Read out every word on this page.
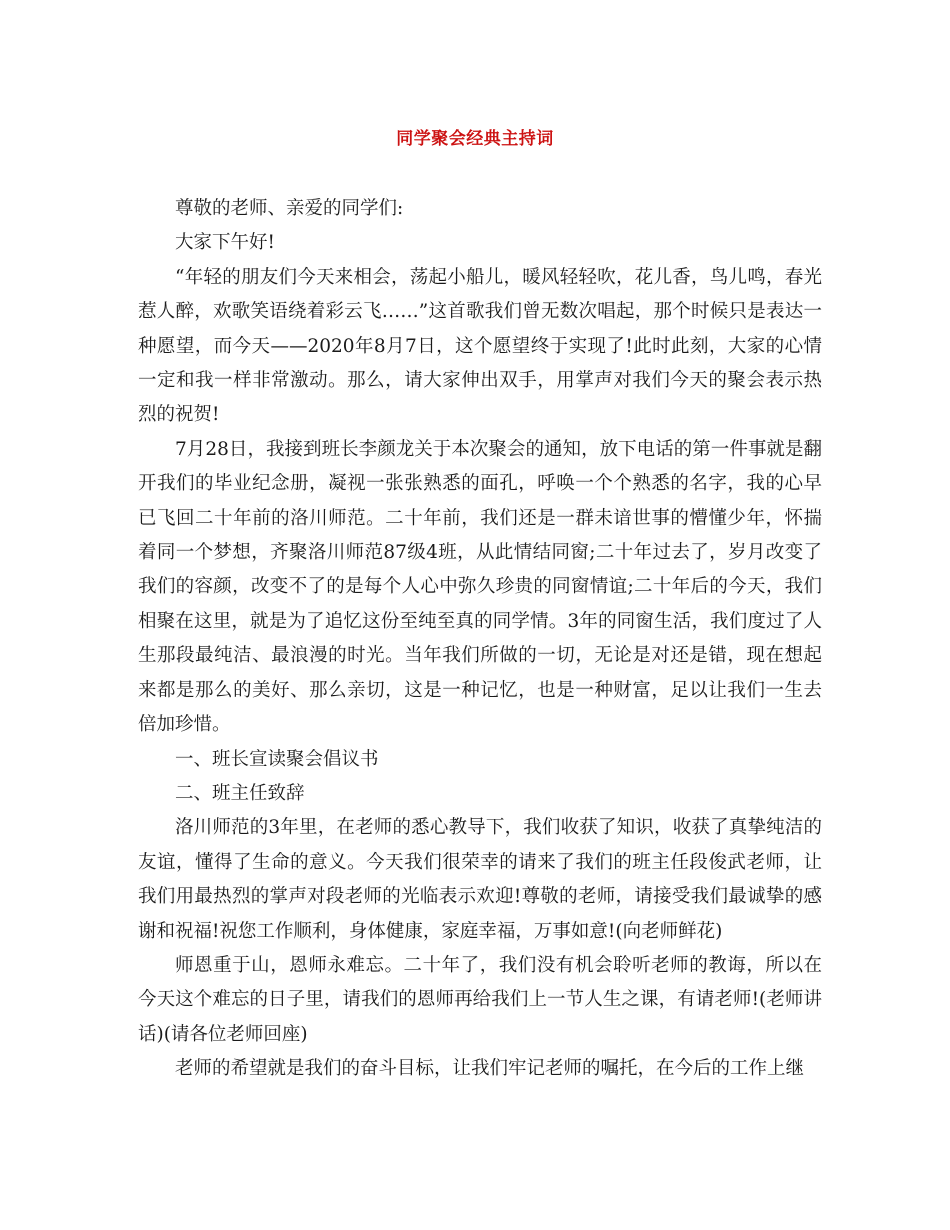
同学聚会经典主持词

尊敬的老师、亲爱的同学们:

大家下午好!

“年轻的朋友们今天来相会，荡起小船儿，暖风轻轻吹，花儿香，鸟儿鸣，春光惹人醉，欢歌笑语绕着彩云飞……”这首歌我们曾无数次唱起，那个时候只是表达一种愿望，而今天——2020年8月7日，这个愿望终于实现了!此时此刻，大家的心情一定和我一样非常激动。那么，请大家伸出双手，用掌声对我们今天的聚会表示热烈的祝贺!

7月28日，我接到班长李颜龙关于本次聚会的通知，放下电话的第一件事就是翻开我们的毕业纪念册，凝视一张张熟悉的面孔，呼唤一个个熟悉的名字，我的心早已飞回二十年前的洛川师范。二十年前，我们还是一群未谙世事的懵懂少年，怀揣着同一个梦想，齐聚洛川师范87级4班，从此情结同窗;二十年过去了，岁月改变了我们的容颜，改变不了的是每个人心中弥久珍贵的同窗情谊;二十年后的今天，我们相聚在这里，就是为了追忆这份至纯至真的同学情。3年的同窗生活，我们度过了人生那段最纯洁、最浪漫的时光。当年我们所做的一切，无论是对还是错，现在想起来都是那么的美好、那么亲切，这是一种记忆，也是一种财富，足以让我们一生去倍加珍惜。

一、班长宣读聚会倡议书

二、班主任致辞

洛川师范的3年里，在老师的悉心教导下，我们收获了知识，收获了真挚纯洁的友谊，懂得了生命的意义。今天我们很荣幸的请来了我们的班主任段俊武老师，让我们用最热烈的掌声对段老师的光临表示欢迎!尊敬的老师，请接受我们最诚挚的感谢和祝福!祝您工作顺利，身体健康，家庭幸福，万事如意!(向老师鲜花)

师恩重于山，恩师永难忘。二十年了，我们没有机会聆听老师的教诲，所以在今天这个难忘的日子里，请我们的恩师再给我们上一节人生之课，有请老师!(老师讲话)(请各位老师回座)

老师的希望就是我们的奋斗目标，让我们牢记老师的嘱托，在今后的工作上继
